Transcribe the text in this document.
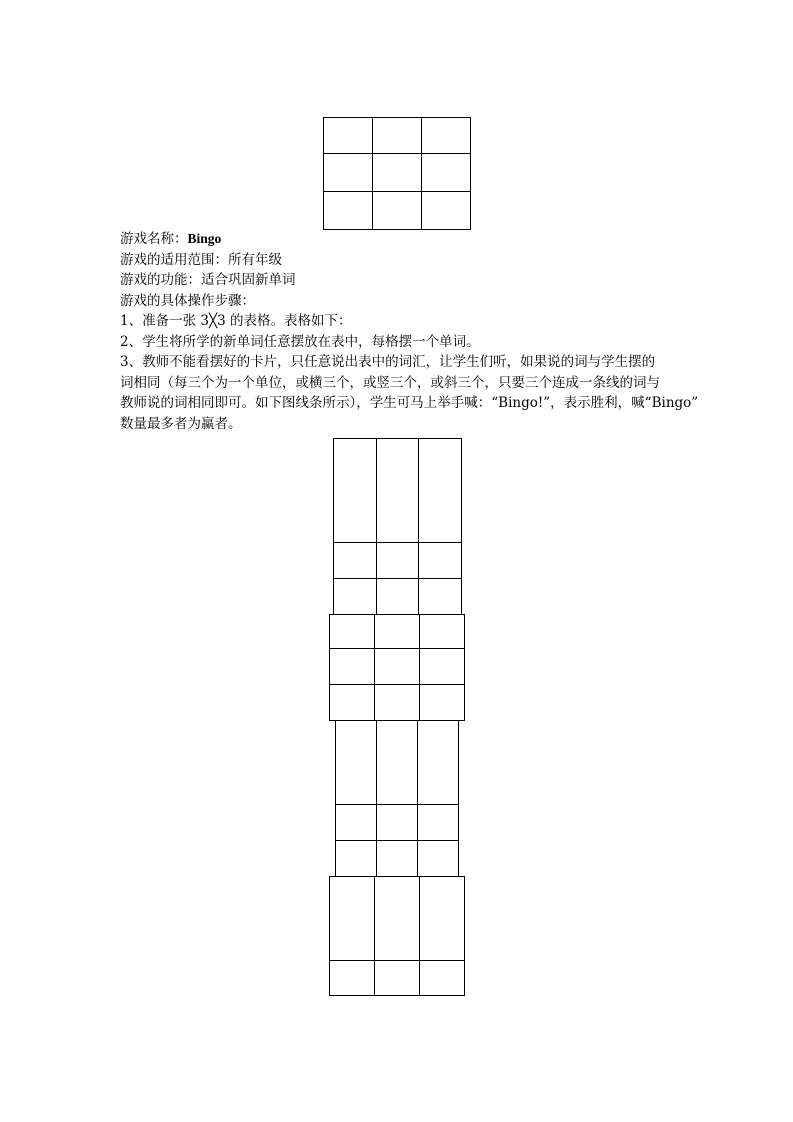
游戏名称：Bingo

游戏的适用范围：所有年级

游戏的功能：适合巩固新单词

游戏的具体操作步骤：

1、准备一张 3╳3 的表格。表格如下：

2、学生将所学的新单词任意摆放在表中，每格摆一个单词。

3、教师不能看摆好的卡片，只任意说出表中的词汇，让学生们听，如果说的词与学生摆的

词相同（每三个为一个单位，或横三个，或竖三个，或斜三个，只要三个连成一条线的词与

教师说的词相同即可。如下图线条所示），学生可马上举手喊：“Bingo!”，表示胜利，喊“Bingo”

数量最多者为赢者。
